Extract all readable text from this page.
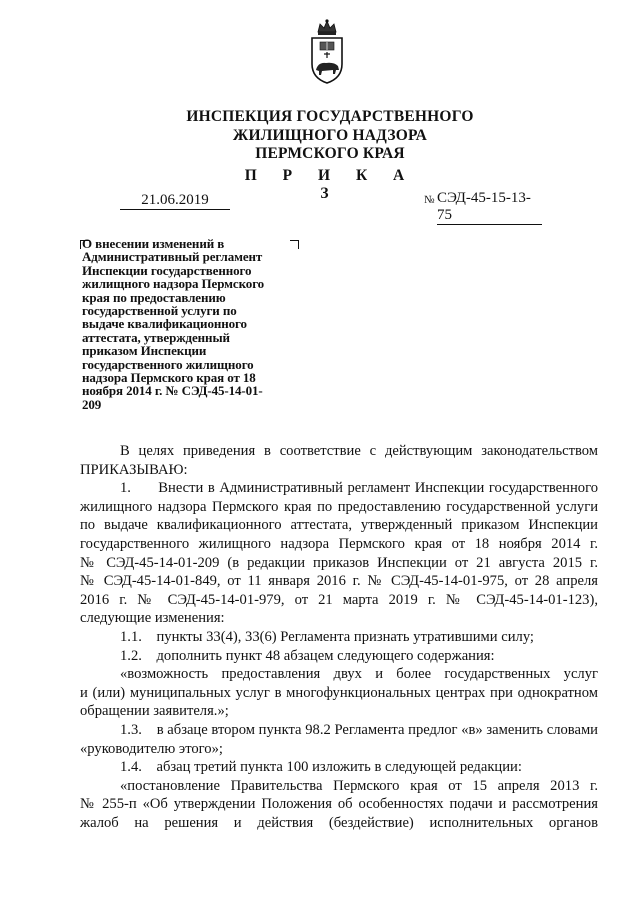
ИНСПЕКЦИЯ ГОСУДАРСТВЕННОГО
ЖИЛИЩНОГО НАДЗОРА
ПЕРМСКОГО КРАЯ
П Р И К А З
21.06.2019	№ СЭД-45-15-13-75
О внесении изменений в
Административный регламент
Инспекции государственного
жилищного надзора Пермского
края по предоставлению
государственной услуги по
выдаче квалификационного
аттестата, утвержденный
приказом Инспекции
государственного жилищного
надзора Пермского края от 18
ноября 2014 г. № СЭД-45-14-01-
209
В целях приведения в соответствие с действующим законодательством
ПРИКАЗЫВАЮ:
1.      Внести в Административный регламент Инспекции государственного
жилищного надзора Пермского края по предоставлению государственной услуги
по выдаче квалификационного аттестата, утвержденный приказом Инспекции
государственного жилищного надзора Пермского края от 18 ноября 2014 г.
№ СЭД-45-14-01-209 (в редакции приказов Инспекции от 21 августа 2015 г.
№ СЭД-45-14-01-849, от 11 января 2016 г. № СЭД-45-14-01-975, от 28 апреля
2016 г. № СЭД-45-14-01-979, от 21 марта 2019 г. № СЭД-45-14-01-123),
следующие изменения:
1.1.    пункты 33(4), 33(6) Регламента признать утратившими силу;
1.2.    дополнить пункт 48 абзацем следующего содержания:
«возможность предоставления двух и более государственных услуг
и (или) муниципальных услуг в многофункциональных центрах при однократном
обращении заявителя.»;
1.3.    в абзаце втором пункта 98.2 Регламента предлог «в» заменить словами
«руководителю этого»;
1.4.    абзац третий пункта 100 изложить в следующей редакции:
«постановление Правительства Пермского края от 15 апреля 2013 г.
№ 255-п «Об утверждении Положения об особенностях подачи и рассмотрения
жалоб на решения и действия (бездействие) исполнительных органов
